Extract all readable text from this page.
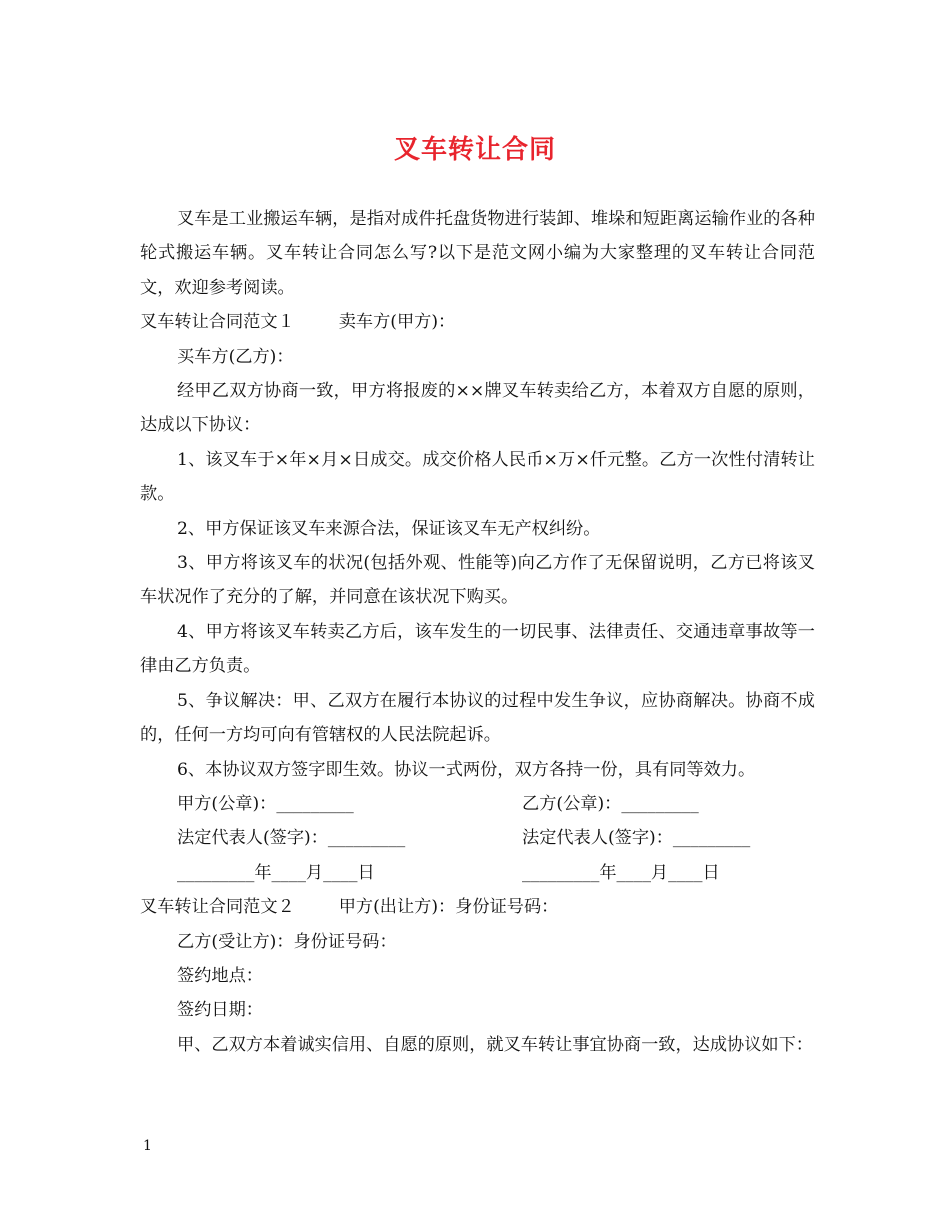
叉车转让合同

叉车是工业搬运车辆，是指对成件托盘货物进行装卸、堆垛和短距离运输作业的各种轮式搬运车辆。叉车转让合同怎么写?以下是范文网小编为大家整理的叉车转让合同范文，欢迎参考阅读。

叉车转让合同范文１	卖车方(甲方)：
买车方(乙方)：

经甲乙双方协商一致，甲方将报废的××牌叉车转卖给乙方，本着双方自愿的原则，达成以下协议：

1、该叉车于×年×月×日成交。成交价格人民币×万×仟元整。乙方一次性付清转让款。

2、甲方保证该叉车来源合法，保证该叉车无产权纠纷。

3、甲方将该叉车的状况(包括外观、性能等)向乙方作了无保留说明，乙方已将该叉车状况作了充分的了解，并同意在该状况下购买。

4、甲方将该叉车转卖乙方后，该车发生的一切民事、法律责任、交通违章事故等一律由乙方负责。

5、争议解决：甲、乙双方在履行本协议的过程中发生争议，应协商解决。协商不成的，任何一方均可向有管辖权的人民法院起诉。

6、本协议双方签字即生效。协议一式两份，双方各持一份，具有同等效力。
甲方(公章)：_________	乙方(公章)：_________
法定代表人(签字)：_________	法定代表人(签字)：_________
_________年____月____日	_________年____月____日
叉车转让合同范文２	甲方(出让方)：身份证号码：
乙方(受让方)：身份证号码：
签约地点：
签约日期：

甲、乙双方本着诚实信用、自愿的原则，就叉车转让事宜协商一致，达成协议如下：

1
